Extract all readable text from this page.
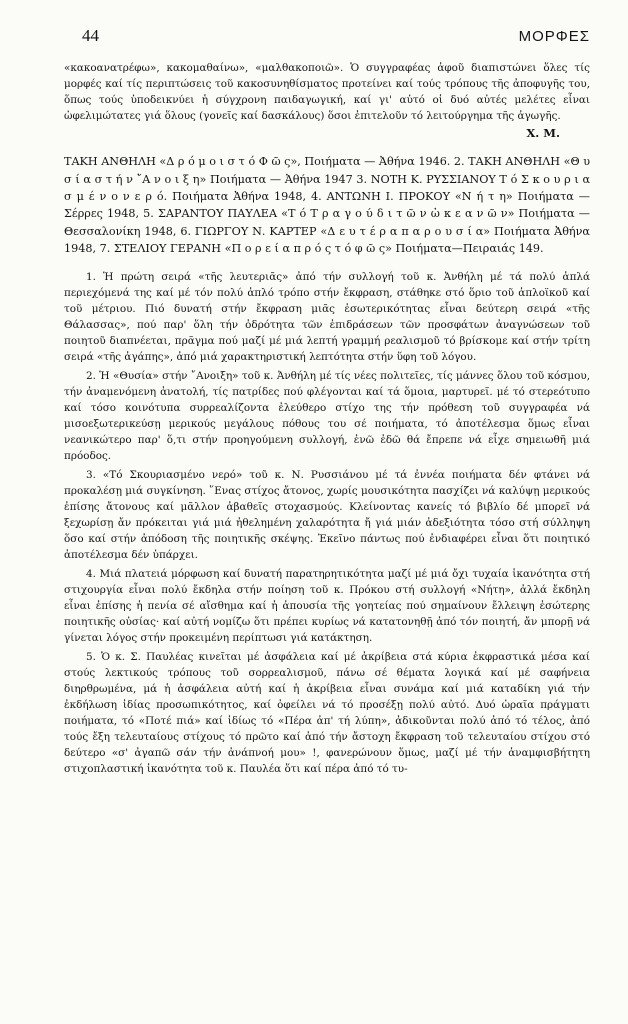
44	ΜΟΡΦΕΣ

«κακοανατρέφω», κακομαθαίνω», «μαλθακοποιῶ». Ὁ συγγραφέας ἀφοῦ διαπιστώνει ὅλες τίς μορφές καί τίς περιπτώσεις τοῦ κακοσυνηθίσματος προτείνει καί τούς τρόπους τῆς ἀποφυγῆς του, ὅπως τούς ὑποδεικνύει ἡ σύγχρονη παιδαγωγική, καί γι' αὐτό οἱ δυό αὐτές μελέτες εἶναι ὠφελιμώτατες γιά ὅλους (γονεῖς καί δασκάλους) ὅσοι ἐπιτελοῦν τό λειτούργημα τῆς ἀγωγῆς.

Χ. Μ.

ΤΑΚΗ ΑΝΘΗΛΗ «Δ ρ ό μ ο ι σ τ ό Φ ῶ ς», Ποιήματα — Ἀθήνα 1946. 2. ΤΑΚΗ ΑΝΘΗΛΗ «Θ υ σ ί α σ τ ή ν ῎Α ν ο ι ξ η» Ποιήματα — Ἀθήνα 1947 3. ΝΟΤΗ Κ. ΡΥΣΣΙΑΝΟΥ Τ ό Σ κ ο υ ρ ι α σ μ έ ν ο ν ε ρ ό. Ποιήματα Ἀθήνα 1948, 4. ΑΝΤΩΝΗ Ι. ΠΡΟΚΟΥ «Ν ή τ η» Ποιήματα — Σέρρες 1948, 5. ΣΑΡΑΝΤΟΥ ΠΑΥΛΕΑ «Τ ό Τ ρ α γ ο ύ δ ι τ ῶ ν ὠ κ ε α ν ῶ ν» Ποιήματα — Θεσσαλονίκη 1948, 6. ΓΙΩΡΓΟΥ Ν. ΚΑΡΤΕΡ «Δ ε υ τ έ ρ α π α ρ ο υ σ ί α» Ποιήματα Ἀθήνα 1948, 7. ΣΤΕΛΙΟΥ ΓΕΡΑΝΗ «Π ο ρ ε ί α π ρ ό ς τ ό φ ῶ ς» Ποιήματα—Πειραιάς 149.

1. Ἡ πρώτη σειρά «τῆς λευτεριᾶς» ἀπό τήν συλλογή τοῦ κ. Ἀνθήλη μέ τά πολύ ἁπλά περιεχόμενά της καί μέ τόν πολύ ἁπλό τρόπο στήν ἔκφραση, στάθηκε στό ὅριο τοῦ ἁπλοϊκοῦ καί τοῦ μέτριου. Πιό δυνατή στήν ἔκφραση μιᾶς ἐσωτερικότητας εἶναι δεύτερη σειρά «τῆς Θάλασσας», πού παρ' ὅλη τήν ὀδρότητα τῶν ἐπιδράσεων τῶν προσφάτων ἀναγνώσεων τοῦ ποιητοῦ διαπνέεται, πρᾶγμα πού μαζί μέ μιά λεπτή γραμμή ρεαλισμοῦ τό βρίσκομε καί στήν τρίτη σειρά «τῆς ἀγάπης», ἀπό μιά χαρακτηριστική λεπτότητα στήν ὕφη τοῦ λόγου.

2. Ἡ «Θυσία» στήν ῎Ανοιξη» τοῦ κ. Ἀνθήλη μέ τίς νέες πολιτεῖες, τίς μάννες ὅλου τοῦ κόσμου, τήν ἀναμενόμενη ἀνατολή, τίς πατρίδες πού φλέγονται καί τά ὅμοια, μαρτυρεῖ. μέ τό στερεότυπο καί τόσο κοινότυπα συρρεαλίζοντα ἐλεύθερο στίχο της τήν πρόθεση τοῦ συγγραφέα νά μισοεξωτερικεύσῃ μερικούς μεγάλους πόθους του σέ ποιήματα, τό ἀποτέλεσμα ὅμως εἶναι νεανικώτερο παρ' ὅ,τι στήν προηγούμενη συλλογή, ἐνῶ ἐδῶ θά ἔπρεπε νά εἶχε σημειωθῆ μιά πρόοδος.

3. «Τό Σκουριασμένο νερό» τοῦ κ. Ν. Ρυσσιάνου μέ τά ἐννέα ποιήματα δέν φτάνει νά προκαλέσῃ μιά συγκίνηση. ῞Ενας στίχος ἄτονος, χωρίς μουσικότητα πασχίζει νά καλύψῃ μερικούς ἐπίσης ἄτονους καί μᾶλλον ἀβαθεῖς στοχασμούς. Κλείνοντας κανείς τό βιβλίο δέ μπορεῖ νά ξεχωρίσῃ ἄν πρόκειται γιά μιά ἠθελημένη χαλαρότητα ἤ γιά μιάν ἀδεξιότητα τόσο στή σύλληψη ὅσο καί στήν ἀπόδοση τῆς ποιητικῆς σκέψης. Ἐκεῖνο πάντως πού ἐνδιαφέρει εἶναι ὅτι ποιητικό ἀποτέλεσμα δέν ὑπάρχει.

4. Μιά πλατειά μόρφωση καί δυνατή παρατηρητικότητα μαζί μέ μιά ὄχι τυχαία ἱκανότητα στή στιχουργία εἶναι πολύ ἔκδηλα στήν ποίηση τοῦ κ. Πρόκου στή συλλογή «Νήτη», ἀλλά ἔκδηλη εἶναι ἐπίσης ἡ πενία σέ αἴσθημα καί ἡ ἀπουσία τῆς γοητείας πού σημαίνουν ἔλλειψη ἐσώτερης ποιητικῆς οὐσίας· καί αὐτή νομίζω ὅτι πρέπει κυρίως νά κατατονηθῇ ἀπό τόν ποιητή, ἄν μπορῇ νά γίνεται λόγος στήν προκειμένη περίπτωσι γιά κατάκτηση.

5. Ὁ κ. Σ. Παυλέας κινεῖται μέ ἀσφάλεια καί μέ ἀκρίβεια στά κύρια ἐκφραστικά μέσα καί στούς λεκτικούς τρόπους τοῦ σορρεαλισμοῦ, πάνω σέ θέματα λογικά καί μέ σαφήνεια διηρθρωμένα, μά ἡ ἀσφάλεια αὐτή καί ἡ ἀκρίβεια εἶναι συνάμα καί μιά καταδίκη γιά τήν ἐκδήλωση ἰδίας προσωπικότητος, καί ὀφείλει νά τό προσέξῃ πολύ αὐτό. Δυό ὡραῖα πράγματι ποιήματα, τό «Ποτέ πιά» καί ἰδίως τό «Πέρα ἀπ' τή λύπη», ἀδικοῦνται πολύ ἀπό τό τέλος, ἀπό τούς ἔξη τελευταίους στίχους τό πρῶτο καί ἀπό τήν ἄστοχη ἔκφραση τοῦ τελευταίου στίχου στό δεύτερο «σ' ἀγαπῶ σάν τήν ἀνάπνοή μου» !, φανερώνουν ὅμως, μαζί μέ τήν ἀναμφισβήτητη στιχοπλαστική ἱκανότητα τοῦ κ. Παυλέα ὅτι καί πέρα ἀπό τό τυ-
